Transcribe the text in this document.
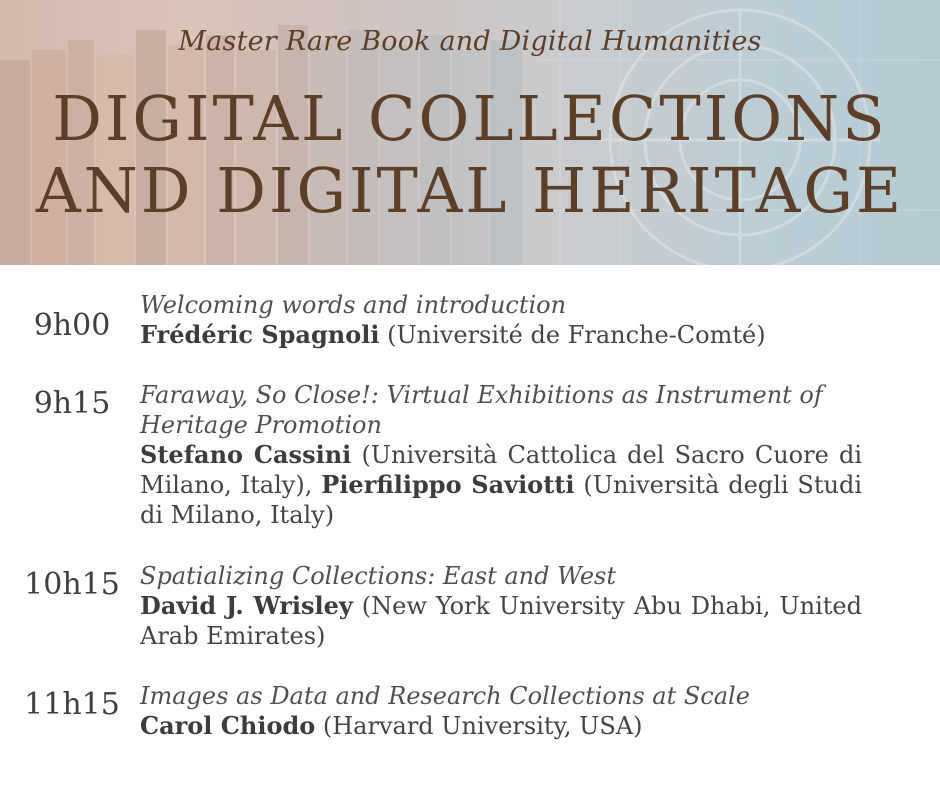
Master Rare Book and Digital Humanities
DIGITAL COLLECTIONS
AND DIGITAL HERITAGE
9h00
Welcoming words and introduction
Frédéric Spagnoli (Université de Franche-Comté)
9h15	Faraway, So Close!: Virtual Exhibitions as Instrument of Heritage Promotion
Stefano Cassini (Università Cattolica del Sacro Cuore di Milano, Italy), Pierfilippo Saviotti (Università degli Studi di Milano, Italy)
10h15 Spatializing Collections: East and West
David J. Wrisley (New York University Abu Dhabi, United Arab Emirates)
11h15 Images as Data and Research Collections at Scale
Carol Chiodo (Harvard University, USA)
